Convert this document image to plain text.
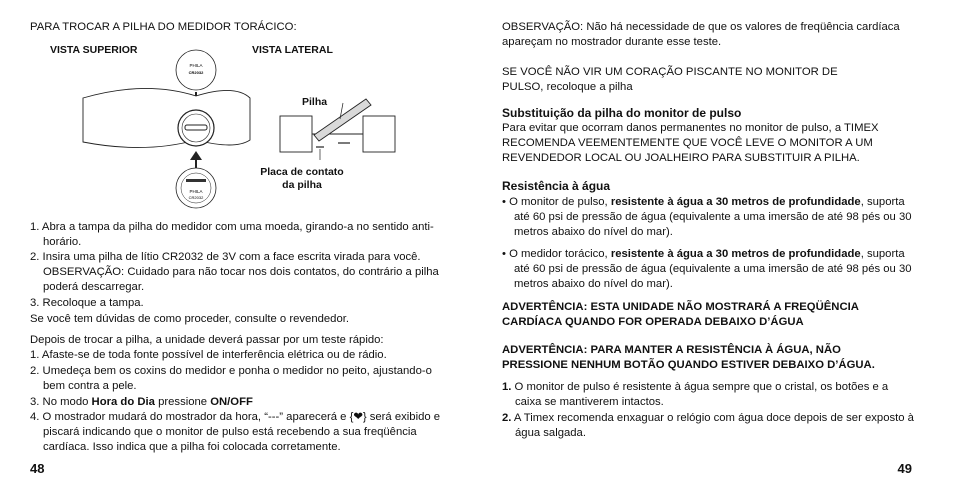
PARA TROCAR A PILHA DO MEDIDOR TORÁCICO:

VISTA SUPERIOR	VISTA LATERAL
Pilha
Placa de contato
da pilha
PHILA
CR2032
PHILA
CR2032

1. Abra a tampa da pilha do medidor com uma moeda, girando-a no sentido anti-horário.

2. Insira uma pilha de lítio CR2032 de 3V com a face escrita virada para você. OBSERVAÇÃO: Cuidado para não tocar nos dois contatos, do contrário a pilha poderá descarregar.

3. Recoloque a tampa.

Se você tem dúvidas de como proceder, consulte o revendedor.

Depois de trocar a pilha, a unidade deverá passar por um teste rápido:

1. Afaste-se de toda fonte possível de interferência elétrica ou de rádio.

2. Umedeça bem os coxins do medidor e ponha o medidor no peito, ajustando-o bem contra a pele.

3. No modo Hora do Dia pressione ON/OFF

4. O mostrador mudará do mostrador da hora, “---” aparecerá e {❤} será exibido e piscará indicando que o monitor de pulso está recebendo a sua freqüência cardíaca. Isso indica que a pilha foi colocada corretamente.

48

OBSERVAÇÃO: Não há necessidade de que os valores de freqüência cardíaca apareçam no mostrador durante esse teste.

SE VOCÊ NÃO VIR UM CORAÇÃO PISCANTE NO MONITOR DE PULSO, recoloque a pilha

Substituição da pilha do monitor de pulso

Para evitar que ocorram danos permanentes no monitor de pulso, a TIMEX RECOMENDA VEEMENTEMENTE QUE VOCÊ LEVE O MONITOR A UM REVENDEDOR LOCAL OU JOALHEIRO PARA SUBSTITUIR A PILHA.

Resistência à água

• O monitor de pulso, resistente à água a 30 metros de profundidade, suporta até 60 psi de pressão de água (equivalente a uma imersão de até 98 pés ou 30 metros abaixo do nível do mar).

• O medidor torácico, resistente à água a 30 metros de profundidade, suporta até 60 psi de pressão de água (equivalente a uma imersão de até 98 pés ou 30 metros abaixo do nível do mar).

ADVERTÊNCIA: ESTA UNIDADE NÃO MOSTRARÁ A FREQÜÊNCIA CARDÍACA QUANDO FOR OPERADA DEBAIXO D’ÁGUA

ADVERTÊNCIA: PARA MANTER A RESISTÊNCIA À ÁGUA, NÃO PRESSIONE NENHUM BOTÃO QUANDO ESTIVER DEBAIXO D’ÁGUA.

1. O monitor de pulso é resistente à água sempre que o cristal, os botões e a caixa se mantiverem intactos.

2. A Timex recomenda enxaguar o relógio com água doce depois de ser exposto à água salgada.

49
